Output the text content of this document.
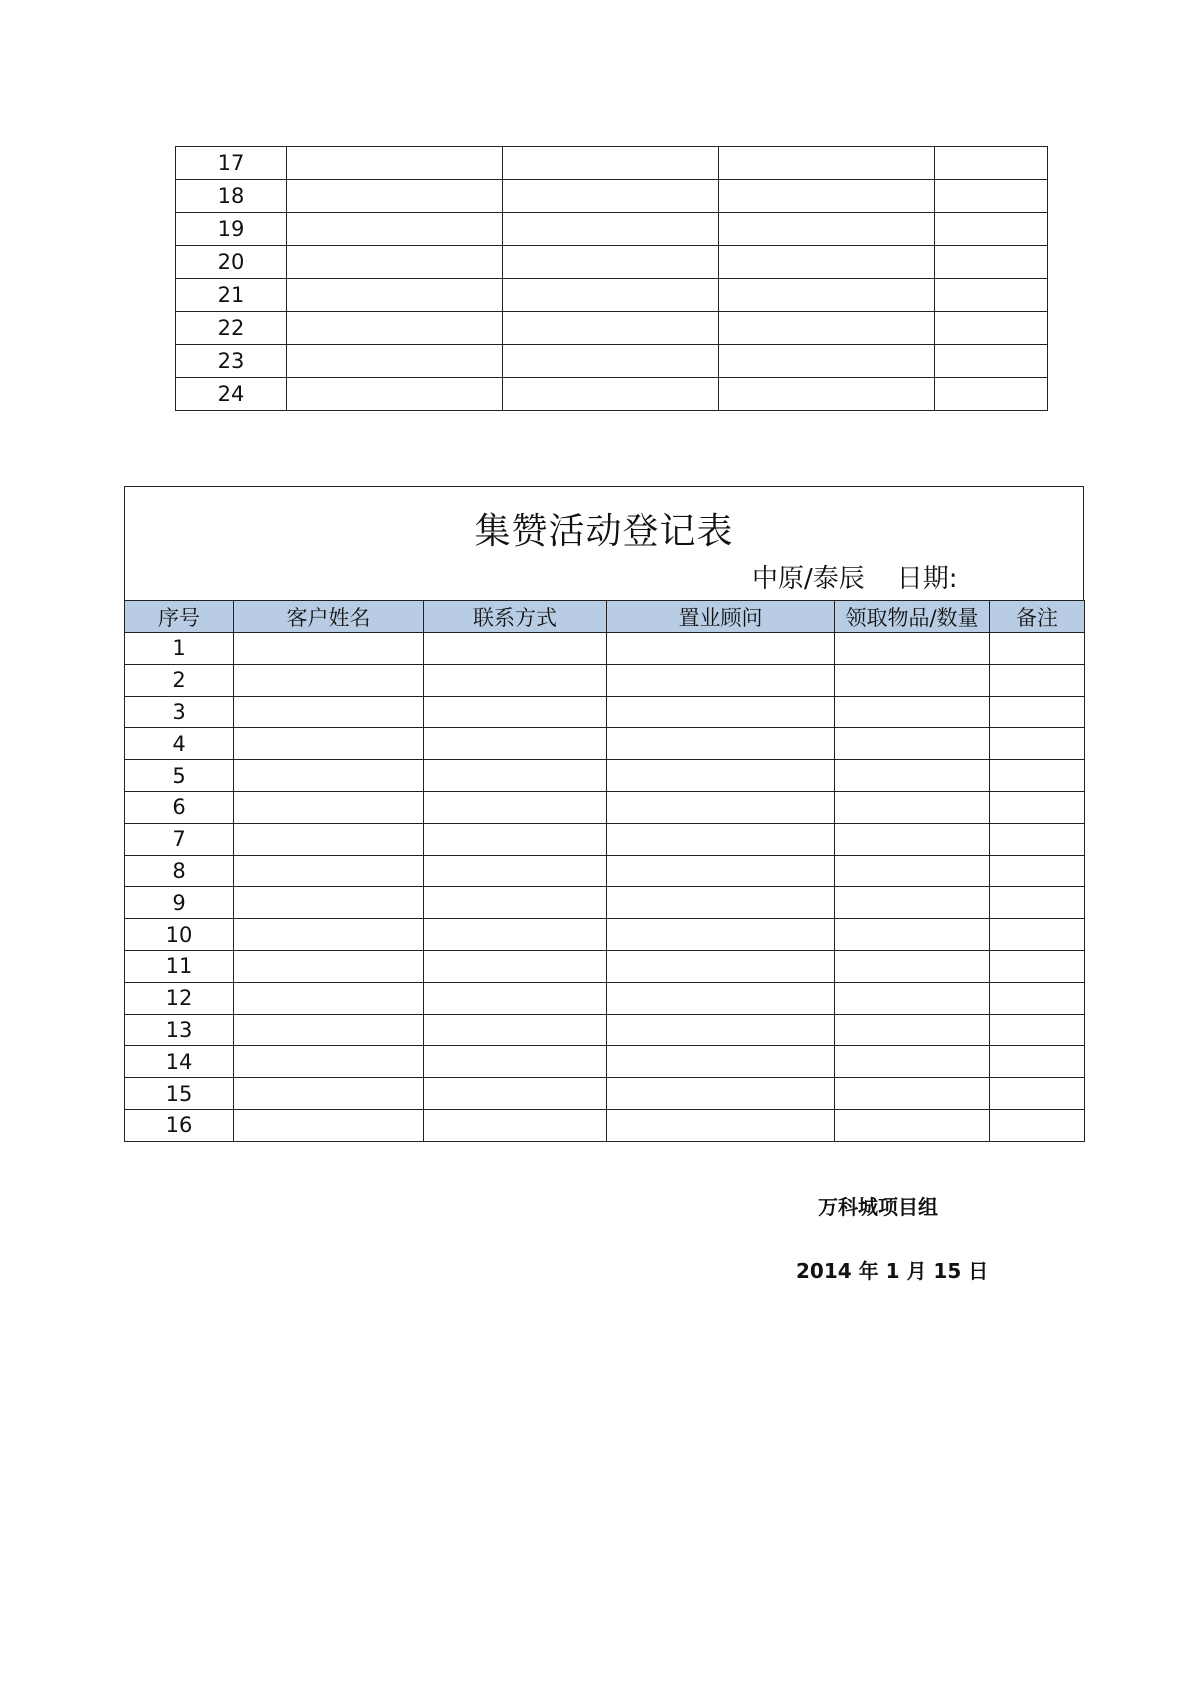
17				
18				
19				
20				
21				
22				
23				
24				
集赞活动登记表
中原/泰辰 日期:
序号	客户姓名	联系方式	置业顾问	领取物品/数量	备注
1					
2					
3					
4					
5					
6					
7					
8					
9					
10					
11					
12					
13					
14					
15					
16					
万科城项目组
2014 年 1 月 15 日
